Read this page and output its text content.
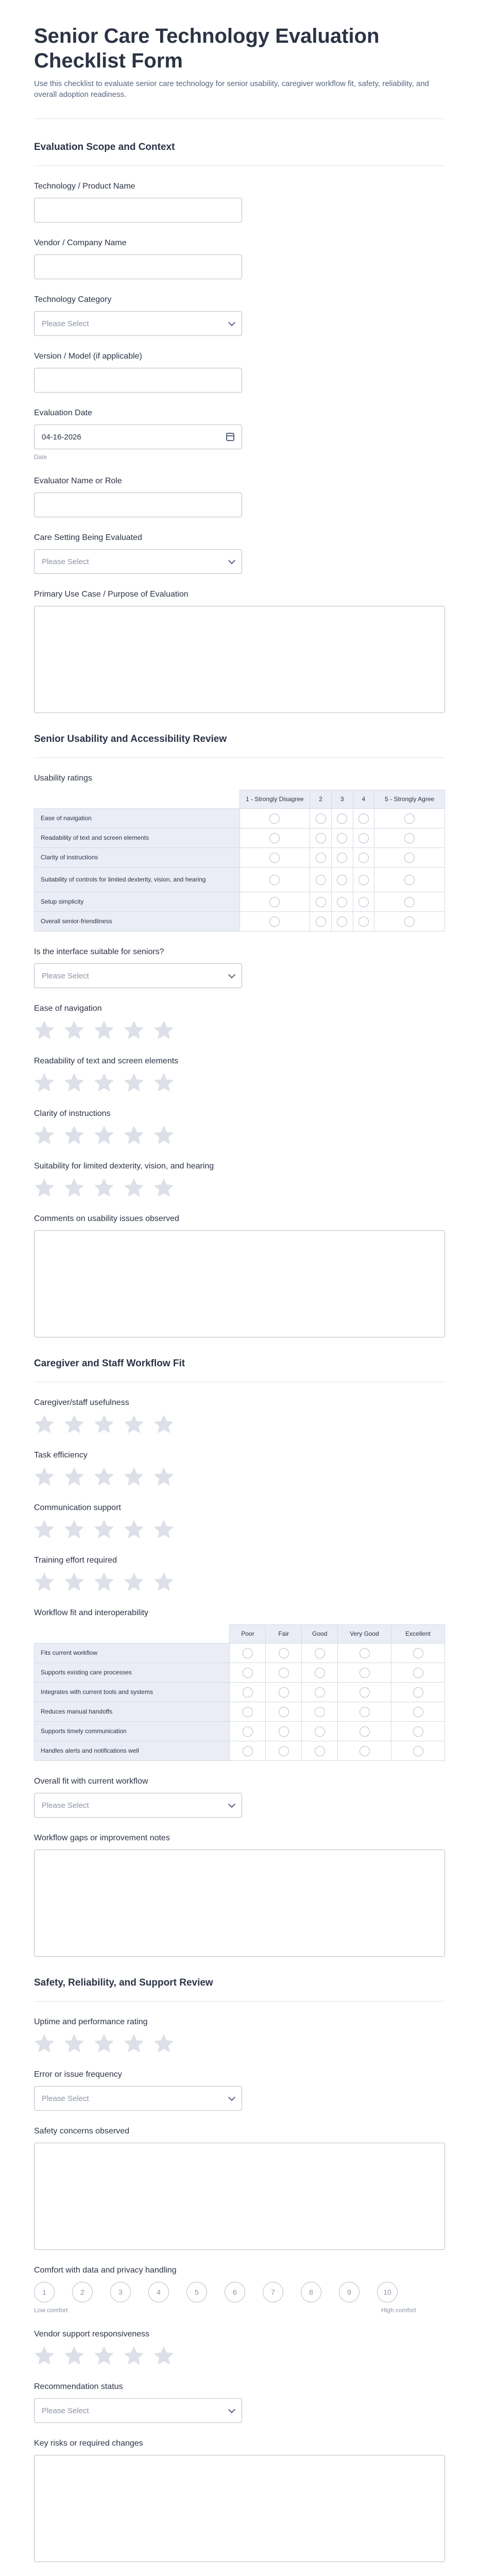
Senior Care Technology Evaluation Checklist Form
Use this checklist to evaluate senior care technology for senior usability, caregiver workflow fit, safety, reliability, and overall adoption readiness.
Evaluation Scope and Context
Technology / Product Name
Vendor / Company Name
Technology Category
Please Select
Version / Model (if applicable)
Evaluation Date
04-16-2026
Date
Evaluator Name or Role
Care Setting Being Evaluated
Please Select
Primary Use Case / Purpose of Evaluation
Senior Usability and Accessibility Review
Usability ratings
	1 - Strongly Disagree	2	3	4	5 - Strongly Agree
Ease of navigation					
Readability of text and screen elements					
Clarity of instructions					
Suitability of controls for limited dexterity, vision, and hearing					
Setup simplicity					
Overall senior-friendliness					
Is the interface suitable for seniors?
Please Select
Ease of navigation
Readability of text and screen elements
Clarity of instructions
Suitability for limited dexterity, vision, and hearing
Comments on usability issues observed
Caregiver and Staff Workflow Fit
Caregiver/staff usefulness
Task efficiency
Communication support
Training effort required
Workflow fit and interoperability
	Poor	Fair	Good	Very Good	Excellent
Fits current workflow					
Supports existing care processes					
Integrates with current tools and systems					
Reduces manual handoffs					
Supports timely communication					
Handles alerts and notifications well					
Overall fit with current workflow
Please Select
Workflow gaps or improvement notes
Safety, Reliability, and Support Review
Uptime and performance rating
Error or issue frequency
Please Select
Safety concerns observed
Comfort with data and privacy handling
1	2	3	4	5	6	7	8	9	10
Low comfort	High comfort
Vendor support responsiveness
Recommendation status
Please Select
Key risks or required changes
